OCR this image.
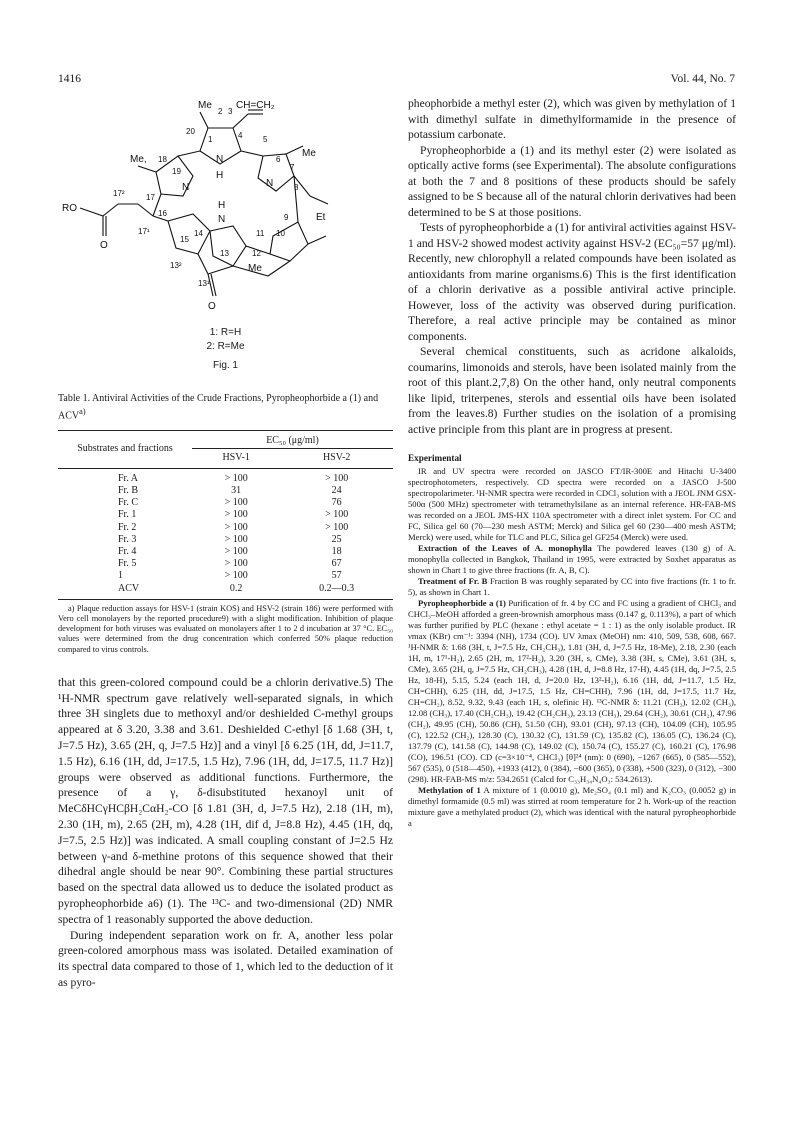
1416	Vol. 44, No. 7
Me
2 3
CH=CH₂
20
1	4	5
Me, 18
19
N
H
6
Me
7
N	N	8
RO
17²	17
H
16
N	9	Et
17¹	14	11 10
O
15
13²
13	12
13¹
Me
O
1: R=H
2: R=Me
Fig. 1
Table 1. Antiviral Activities of the Crude Fractions, Pyropheophorbide a (1) and ACV$^{a)}$
Substrates and fractions	EC₅₀ (μg/ml)	
	HSV-1	HSV-2
Fr. A	> 100	> 100
Fr. B	31	24
Fr. C	> 100	76
Fr. 1	> 100	> 100
Fr. 2	> 100	> 100
Fr. 3	> 100	25
Fr. 4	> 100	18
Fr. 5	> 100	67
1	> 100	57
ACV	0.2	0.2—0.3
a) Plaque reduction assays for HSV-1 (strain KOS) and HSV-2 (strain 186) were performed with Vero cell monolayers by the reported procedure9) with a slight modification. Inhibition of plaque development for both viruses was evaluated on monolayers after 1 to 2 d incubation at 37 °C. EC₅₀ values were determined from the drug concentration which conferred 50% plaque reduction compared to virus controls.

that this green-colored compound could be a chlorin derivative.5) The ¹H-NMR spectrum gave relatively well-separated signals, in which three 3H singlets due to methoxyl and/or deshielded C-methyl groups appeared at δ 3.20, 3.38 and 3.61. Deshielded C-ethyl [δ 1.68 (3H, t, J=7.5 Hz), 3.65 (2H, q, J=7.5 Hz)] and a vinyl [δ 6.25 (1H, dd, J=11.7, 1.5 Hz), 6.16 (1H, dd, J=17.5, 1.5 Hz), 7.96 (1H, dd, J=17.5, 11.7 Hz)] groups were observed as additional functions. Furthermore, the presence of a γ, δ-disubstituted hexanoyl unit of MeCδHCγHCβH₂CαH₂-CO [δ 1.81 (3H, d, J=7.5 Hz), 2.18 (1H, m), 2.30 (1H, m), 2.65 (2H, m), 4.28 (1H, dif d, J=8.8 Hz), 4.45 (1H, dq, J=7.5, 2.5 Hz)] was indicated. A small coupling constant of J=2.5 Hz between γ-and δ-methine protons of this sequence showed that their dihedral angle should be near 90°. Combining these partial structures based on the spectral data allowed us to deduce the isolated product as pyropheophorbide a6) (1). The ¹³C- and two-dimensional (2D) NMR spectra of 1 reasonably supported the above deduction.

During independent separation work on fr. A, another less polar green-colored amorphous mass was isolated. Detailed examination of its spectral data compared to those of 1, which led to the deduction of it as pyro-

pheophorbide a methyl ester (2), which was given by methylation of 1 with dimethyl sulfate in dimethylformamide in the presence of potassium carbonate.

Pyropheophorbide a (1) and its methyl ester (2) were isolated as optically active forms (see Experimental). The absolute configurations at both the 7 and 8 positions of these products should be safely assigned to be S because all of the natural chlorin derivatives had been determined to be S at those positions.

Tests of pyropheophorbide a (1) for antiviral activities against HSV-1 and HSV-2 showed modest activity against HSV-2 (EC₅₀=57 μg/ml). Recently, new chlorophyll a related compounds have been isolated as antioxidants from marine organisms.6) This is the first identification of a chlorin derivative as a possible antiviral active principle. However, loss of the activity was observed during purification. Therefore, a real active principle may be contained as minor components.

Several chemical constituents, such as acridone alkaloids, coumarins, limonoids and sterols, have been isolated mainly from the root of this plant.2,7,8) On the other hand, only neutral components like lipid, triterpenes, sterols and essential oils have been isolated from the leaves.8) Further studies on the isolation of a promising active principle from this plant are in progress at present.

Experimental

IR and UV spectra were recorded on JASCO FT/IR-300E and Hitachi U-3400 spectrophotometers, respectively. CD spectra were recorded on a JASCO J-500 spectropolarimeter. ¹H-NMR spectra were recorded in CDCl₃ solution with a JEOL JNM GSX-500α (500 MHz) spectrometer with tetramethylsilane as an internal reference. HR-FAB-MS was recorded on a JEOL JMS-HX 110A spectrometer with a direct inlet system. For CC and FC, Silica gel 60 (70—230 mesh ASTM; Merck) and Silica gel 60 (230—400 mesh ASTM; Merck) were used, while for TLC and PLC, Silica gel GF254 (Merck) were used.

Extraction of the Leaves of A. monophylla The powdered leaves (130 g) of A. monophylla collected in Bangkok, Thailand in 1995, were extracted by Soxhet apparatus as shown in Chart 1 to give three fractions (fr. A, B, C).

Treatment of Fr. B Fraction B was roughly separated by CC into five fractions (fr. 1 to fr. 5), as shown in Chart 1.

Pyropheophorbide a (1) Purification of fr. 4 by CC and FC using a gradient of CHCl₃ and CHCl₃–MeOH afforded a green-brownish amorphous mass (0.147 g, 0.113%), a part of which was further purified by PLC (hexane : ethyl acetate = 1 : 1) as the only isolable product. IR νmax (KBr) cm⁻¹: 3394 (NH), 1734 (CO). UV λmax (MeOH) nm: 410, 509, 538, 608, 667. ¹H-NMR δ: 1.68 (3H, t, J=7.5 Hz, CH₂CH₃), 1.81 (3H, d, J=7.5 Hz, 18-Me), 2.18, 2.30 (each 1H, m, 17¹-H₂), 2.65 (2H, m, 17²-H₂), 3.20 (3H, s, CMe), 3.38 (3H, s, CMe), 3.61 (3H, s, CMe), 3.65 (2H, q, J=7.5 Hz, CH₂CH₃), 4.28 (1H, d, J=8.8 Hz, 17-H), 4.45 (1H, dq, J=7.5, 2.5 Hz, 18-H), 5.15, 5.24 (each 1H, d, J=20.0 Hz, 13²-H₂), 6.16 (1H, dd, J=11.7, 1.5 Hz, CH=CHH), 6.25 (1H, dd, J=17.5, 1.5 Hz, CH=CHH), 7.96 (1H, dd, J=17.5, 11.7 Hz, CH=CH₂), 8.52, 9.32, 9.43 (each 1H, s, olefinic H). ¹³C-NMR δ: 11.21 (CH₃), 12.02 (CH₃), 12.08 (CH₃), 17.40 (CH₂CH₃), 19.42 (CH₂CH₃), 23.13 (CH₃), 29.64 (CH₂), 30.61 (CH₂), 47.96 (CH₂), 49.95 (CH), 50.86 (CH), 51.50 (CH), 93.01 (CH), 97.13 (CH), 104.09 (CH), 105.95 (C), 122.52 (CH₂), 128.30 (C), 130.32 (C), 131.59 (C), 135.82 (C), 136.05 (C), 136.24 (C), 137.79 (C), 141.58 (C), 144.98 (C), 149.02 (C), 150.74 (C), 155.27 (C), 160.21 (C), 176.98 (CO), 196.51 (CO). CD (c=3×10⁻⁴, CHCl₃) [θ]²⁴ (nm): 0 (690), −1267 (665), 0 (585—552), 567 (535), 0 (518—450), +1933 (412), 0 (384), −600 (365), 0 (338), +500 (323), 0 (312), −300 (298). HR-FAB-MS m/z: 534.2651 (Calcd for C₃₃H₃₄N₄O₃: 534.2613).

Methylation of 1 A mixture of 1 (0.0010 g), Me₂SO₄ (0.1 ml) and K₂CO₃ (0.0052 g) in dimethyl formamide (0.5 ml) was stirred at room temperature for 2 h. Work-up of the reaction mixture gave a methylated product (2), which was identical with the natural pyropheophorbide a
